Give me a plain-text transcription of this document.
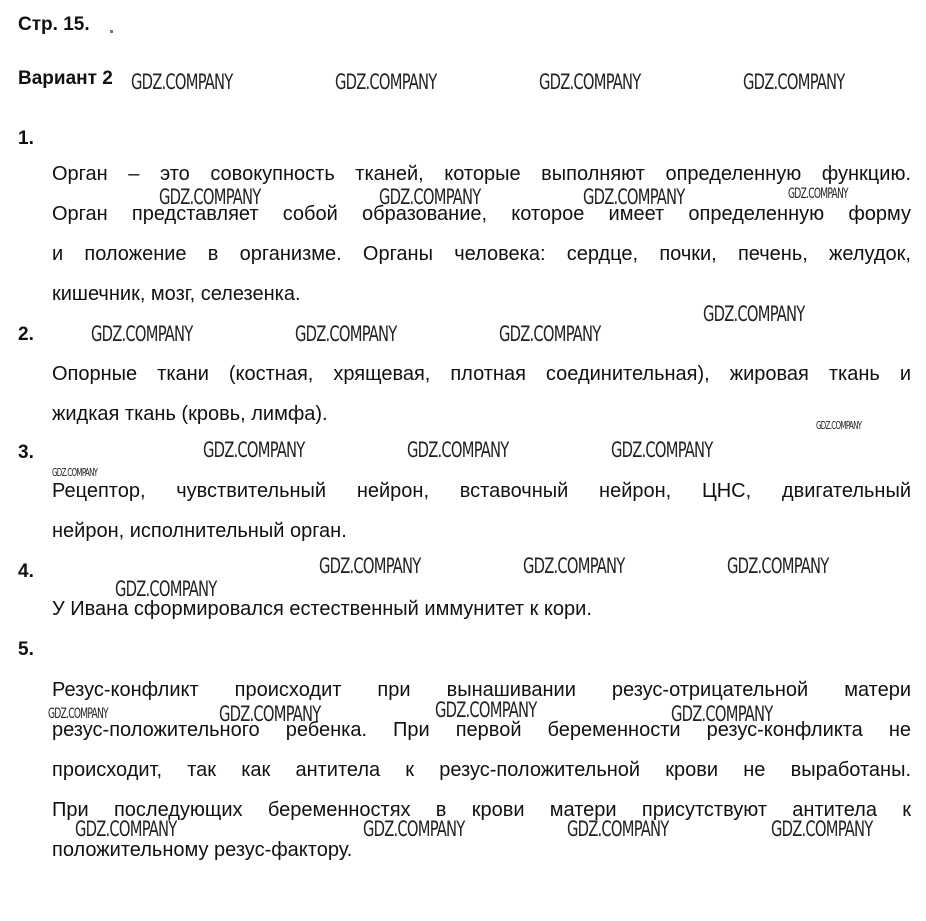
Стр. 15.
Вариант 2
1.
Орган – это совокупность тканей, которые выполняют определенную функцию.
Орган представляет собой образование, которое имеет определенную форму
и положение в организме. Органы человека: сердце, почки, печень, желудок,
кишечник, мозг, селезенка.
2.
Опорные ткани (костная, хрящевая, плотная соединительная), жировая ткань и
жидкая ткань (кровь, лимфа).
3.
Рецептор, чувствительный нейрон, вставочный нейрон, ЦНС, двигательный
нейрон, исполнительный орган.
4.
У Ивана сформировался естественный иммунитет к кори.
5.
Резус-конфликт происходит при вынашивании резус-отрицательной матери
резус-положительного ребенка. При первой беременности резус-конфликта не
происходит, так как антитела к резус-положительной крови не выработаны.
При последующих беременностях в крови матери присутствуют антитела к
положительному резус-фактору.
GDZ.COMPANY	GDZ.COMPANY	GDZ.COMPANY	GDZ.COMPANY
GDZ.COMPANY	GDZ.COMPANY	GDZ.COMPANY	GDZ.COMPANY
GDZ.COMPANY
GDZ.COMPANY	GDZ.COMPANY	GDZ.COMPANY
GDZ.COMPANY
GDZ.COMPANY	GDZ.COMPANY	GDZ.COMPANY
GDZ.COMPANY
GDZ.COMPANY	GDZ.COMPANY	GDZ.COMPANY
GDZ.COMPANY
GDZ.COMPANY
GDZ.COMPANY	GDZ.COMPANY	GDZ.COMPANY
GDZ.COMPANY	GDZ.COMPANY	GDZ.COMPANY	GDZ.COMPANY
